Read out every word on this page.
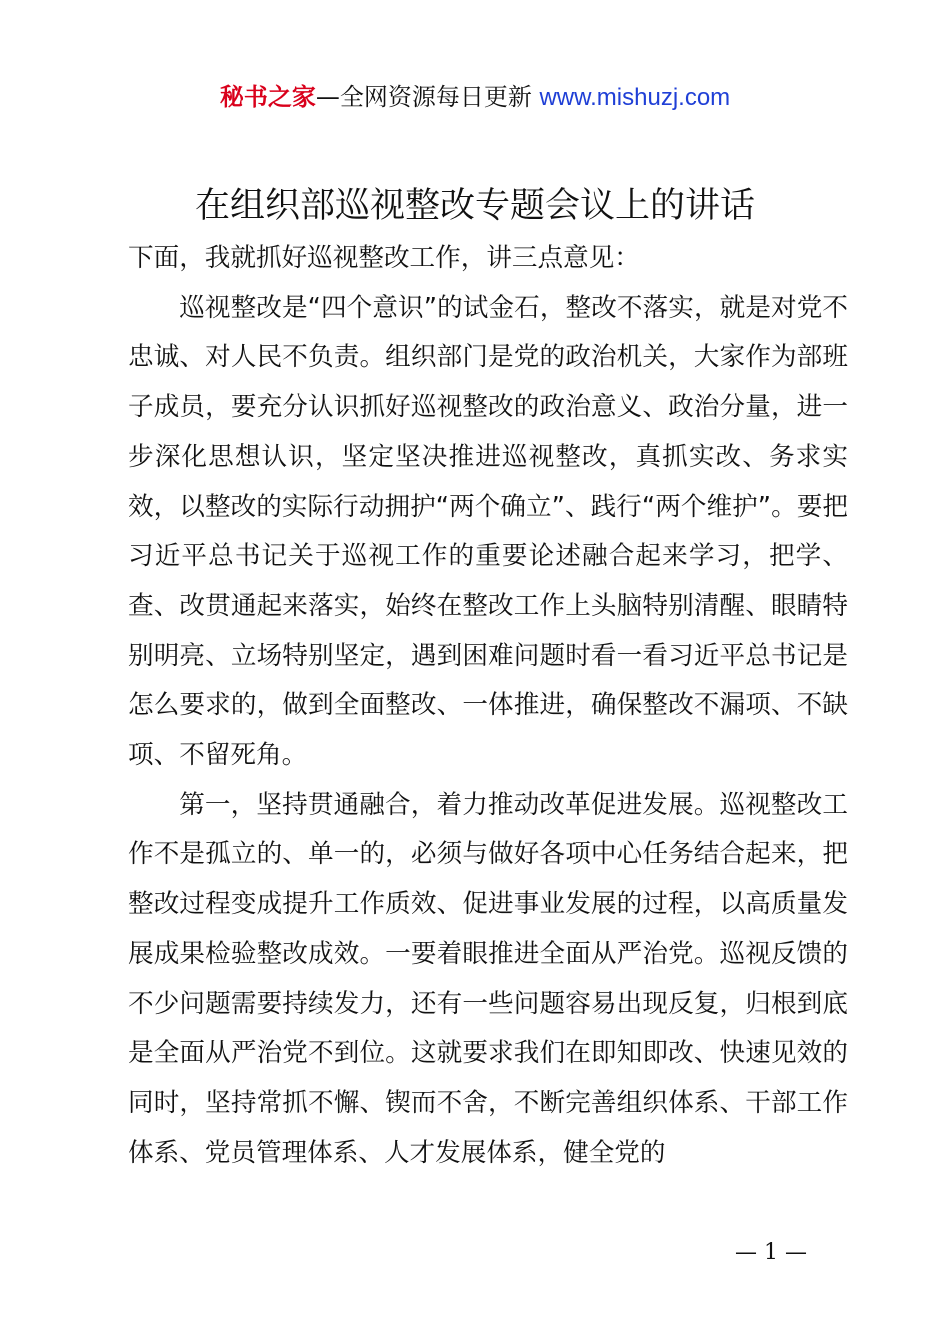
秘书之家—全网资源每日更新 www.mishuzj.com
在组织部巡视整改专题会议上的讲话

下面，我就抓好巡视整改工作，讲三点意见：

巡视整改是“四个意识”的试金石，整改不落实，就是对党不忠诚、对人民不负责。组织部门是党的政治机关，大家作为部班子成员，要充分认识抓好巡视整改的政治意义、政治分量，进一步深化思想认识，坚定坚决推进巡视整改，真抓实改、务求实效，以整改的实际行动拥护“两个确立”、践行“两个维护”。要把习近平总书记关于巡视工作的重要论述融合起来学习，把学、查、改贯通起来落实，始终在整改工作上头脑特别清醒、眼睛特别明亮、立场特别坚定，遇到困难问题时看一看习近平总书记是怎么要求的，做到全面整改、一体推进，确保整改不漏项、不缺项、不留死角。

第一，坚持贯通融合，着力推动改革促进发展。巡视整改工作不是孤立的、单一的，必须与做好各项中心任务结合起来，把整改过程变成提升工作质效、促进事业发展的过程，以高质量发展成果检验整改成效。一要着眼推进全面从严治党。巡视反馈的不少问题需要持续发力，还有一些问题容易出现反复，归根到底是全面从严治党不到位。这就要求我们在即知即改、快速见效的同时，坚持常抓不懈、锲而不舍，不断完善组织体系、干部工作体系、党员管理体系、人才发展体系，健全党的

— 1 —
